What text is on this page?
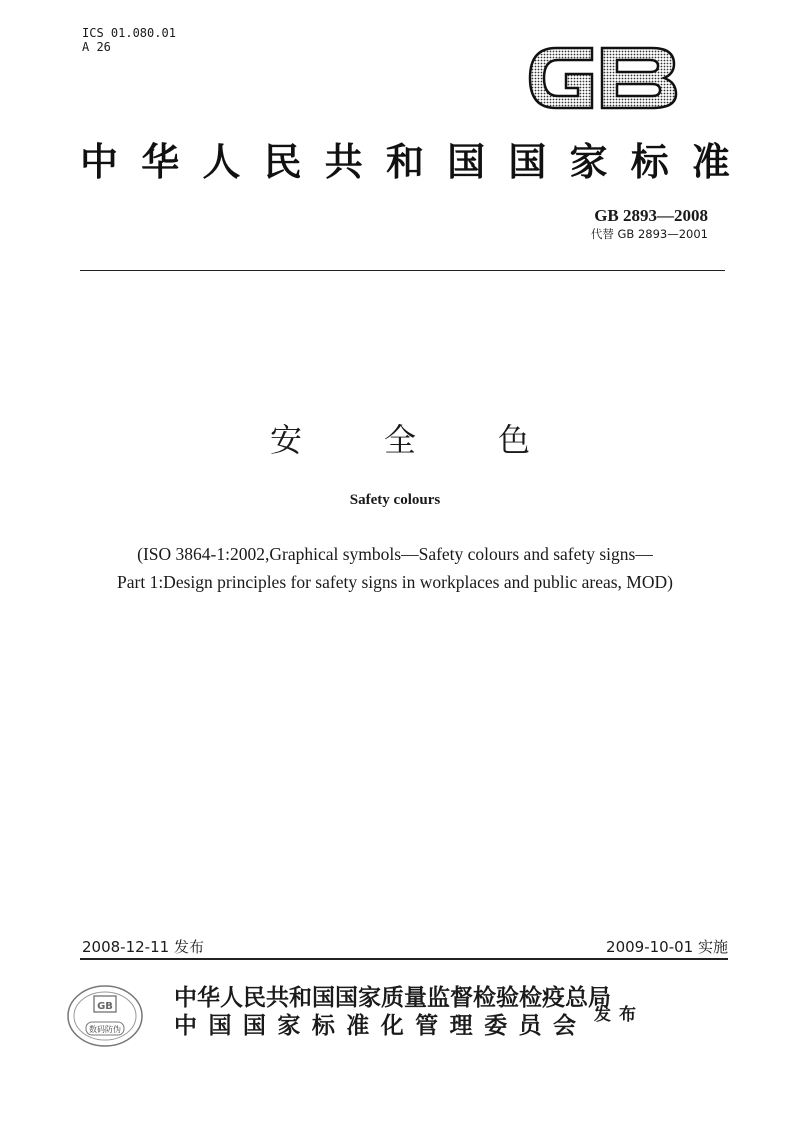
ICS 01.080.01
A 26
中 华 人 民 共 和 国 国 家 标 准
GB 2893—2008
代替 GB 2893—2001
安	全	色
Safety colours
(ISO 3864-1:2002,Graphical symbols—Safety colours and safety signs—
Part 1:Design principles for safety signs in workplaces and public areas, MOD)
2008-12-11 发布	2009-10-01 实施
GB
数码防伪
中华人民共和国国家质量监督检验检疫总局
中 国 国 家 标 准 化 管 理 委 员 会 发布
